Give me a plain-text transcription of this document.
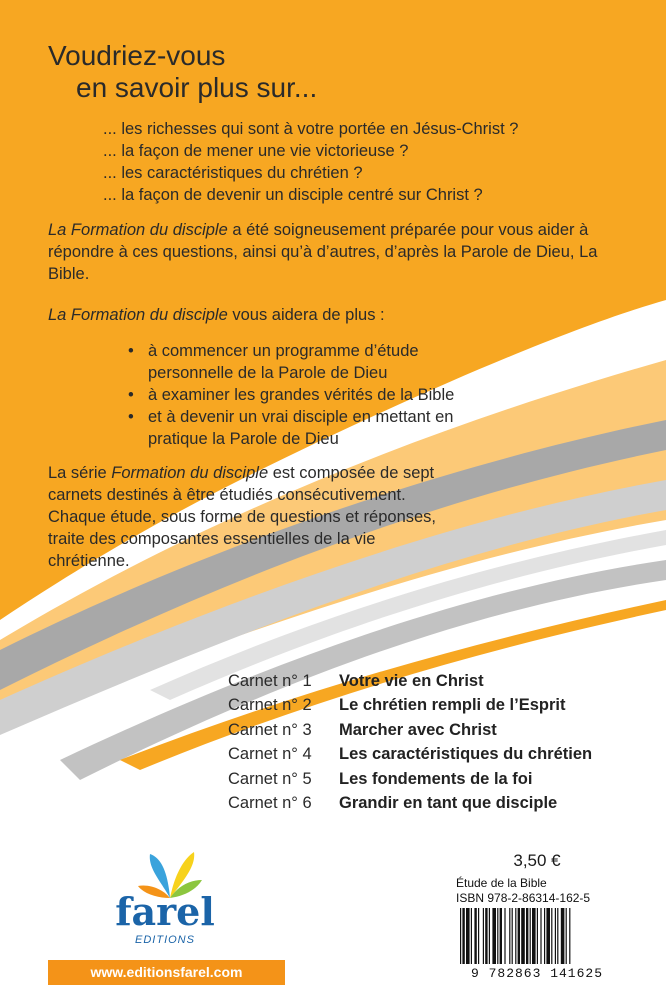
Voudriez-vous
en savoir plus sur...
... les richesses qui sont à votre portée en Jésus-Christ ?
... la façon de mener une vie victorieuse ?
... les caractéristiques du chrétien ?
... la façon de devenir un disciple centré sur Christ ?

La Formation du disciple a été soigneusement préparée pour vous aider à répondre à ces questions, ainsi qu’à d’autres, d’après la Parole de Dieu, La Bible.

La Formation du disciple vous aidera de plus :

• à commencer un programme d’étude personnelle de la Parole de Dieu
• à examiner les grandes vérités de la Bible
• et à devenir un vrai disciple en mettant en pratique la Parole de Dieu

La série Formation du disciple est composée de sept carnets destinés à être étudiés consécutivement. Chaque étude, sous forme de questions et réponses, traite des composantes essentielles de la vie chrétienne.

Carnet n° 1	Votre vie en Christ
Carnet n° 2	Le chrétien rempli de l’Esprit
Carnet n° 3	Marcher avec Christ
Carnet n° 4	Les caractéristiques du chrétien
Carnet n° 5	Les fondements de la foi
Carnet n° 6	Grandir en tant que disciple
farel
EDITIONS
www.editionsfarel.com
3,50 €
Étude de la Bible
ISBN 978-2-86314-162-5
9 782863 141625
